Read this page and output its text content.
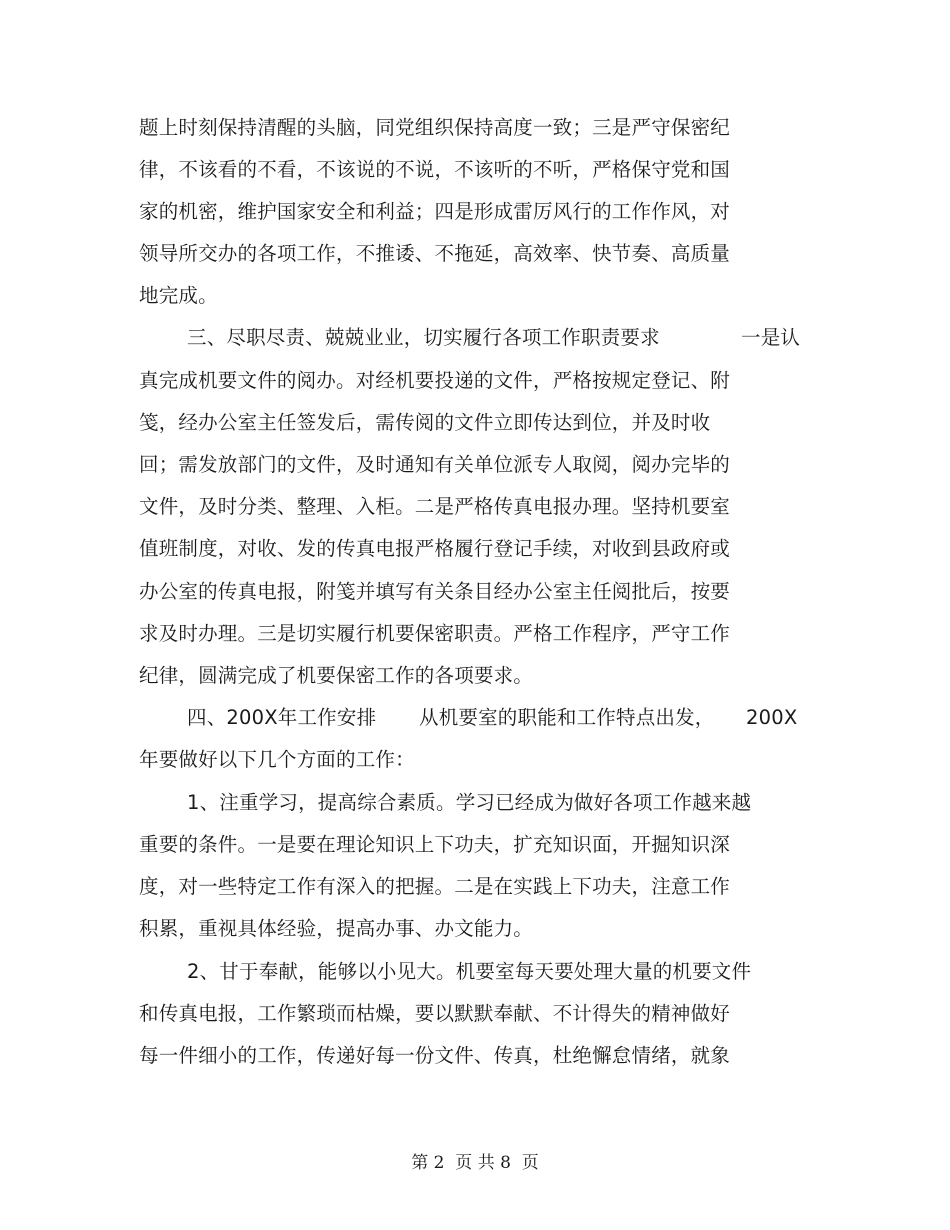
题上时刻保持清醒的头脑，同党组织保持高度一致；三是严守保密纪
律，不该看的不看，不该说的不说，不该听的不听，严格保守党和国
家的机密，维护国家安全和利益；四是形成雷厉风行的工作作风，对
领导所交办的各项工作，不推诿、不拖延，高效率、快节奏、高质量
地完成。
三、尽职尽责、兢兢业业，切实履行各项工作职责要求	一是认
真完成机要文件的阅办。对经机要投递的文件，严格按规定登记、附
笺，经办公室主任签发后，需传阅的文件立即传达到位，并及时收
回；需发放部门的文件，及时通知有关单位派专人取阅，阅办完毕的
文件，及时分类、整理、入柜。二是严格传真电报办理。坚持机要室
值班制度，对收、发的传真电报严格履行登记手续，对收到县政府或
办公室的传真电报，附笺并填写有关条目经办公室主任阅批后，按要
求及时办理。三是切实履行机要保密职责。严格工作程序，严守工作
纪律，圆满完成了机要保密工作的各项要求。
四、200X年工作安排 从机要室的职能和工作特点出发， 200X
年要做好以下几个方面的工作：
1、注重学习，提高综合素质。学习已经成为做好各项工作越来越
重要的条件。一是要在理论知识上下功夫，扩充知识面，开掘知识深
度，对一些特定工作有深入的把握。二是在实践上下功夫，注意工作
积累，重视具体经验，提高办事、办文能力。
2、甘于奉献，能够以小见大。机要室每天要处理大量的机要文件
和传真电报，工作繁琐而枯燥，要以默默奉献、不计得失的精神做好
每一件细小的工作，传递好每一份文件、传真，杜绝懈怠情绪，就象
第 2  页 共 8  页
